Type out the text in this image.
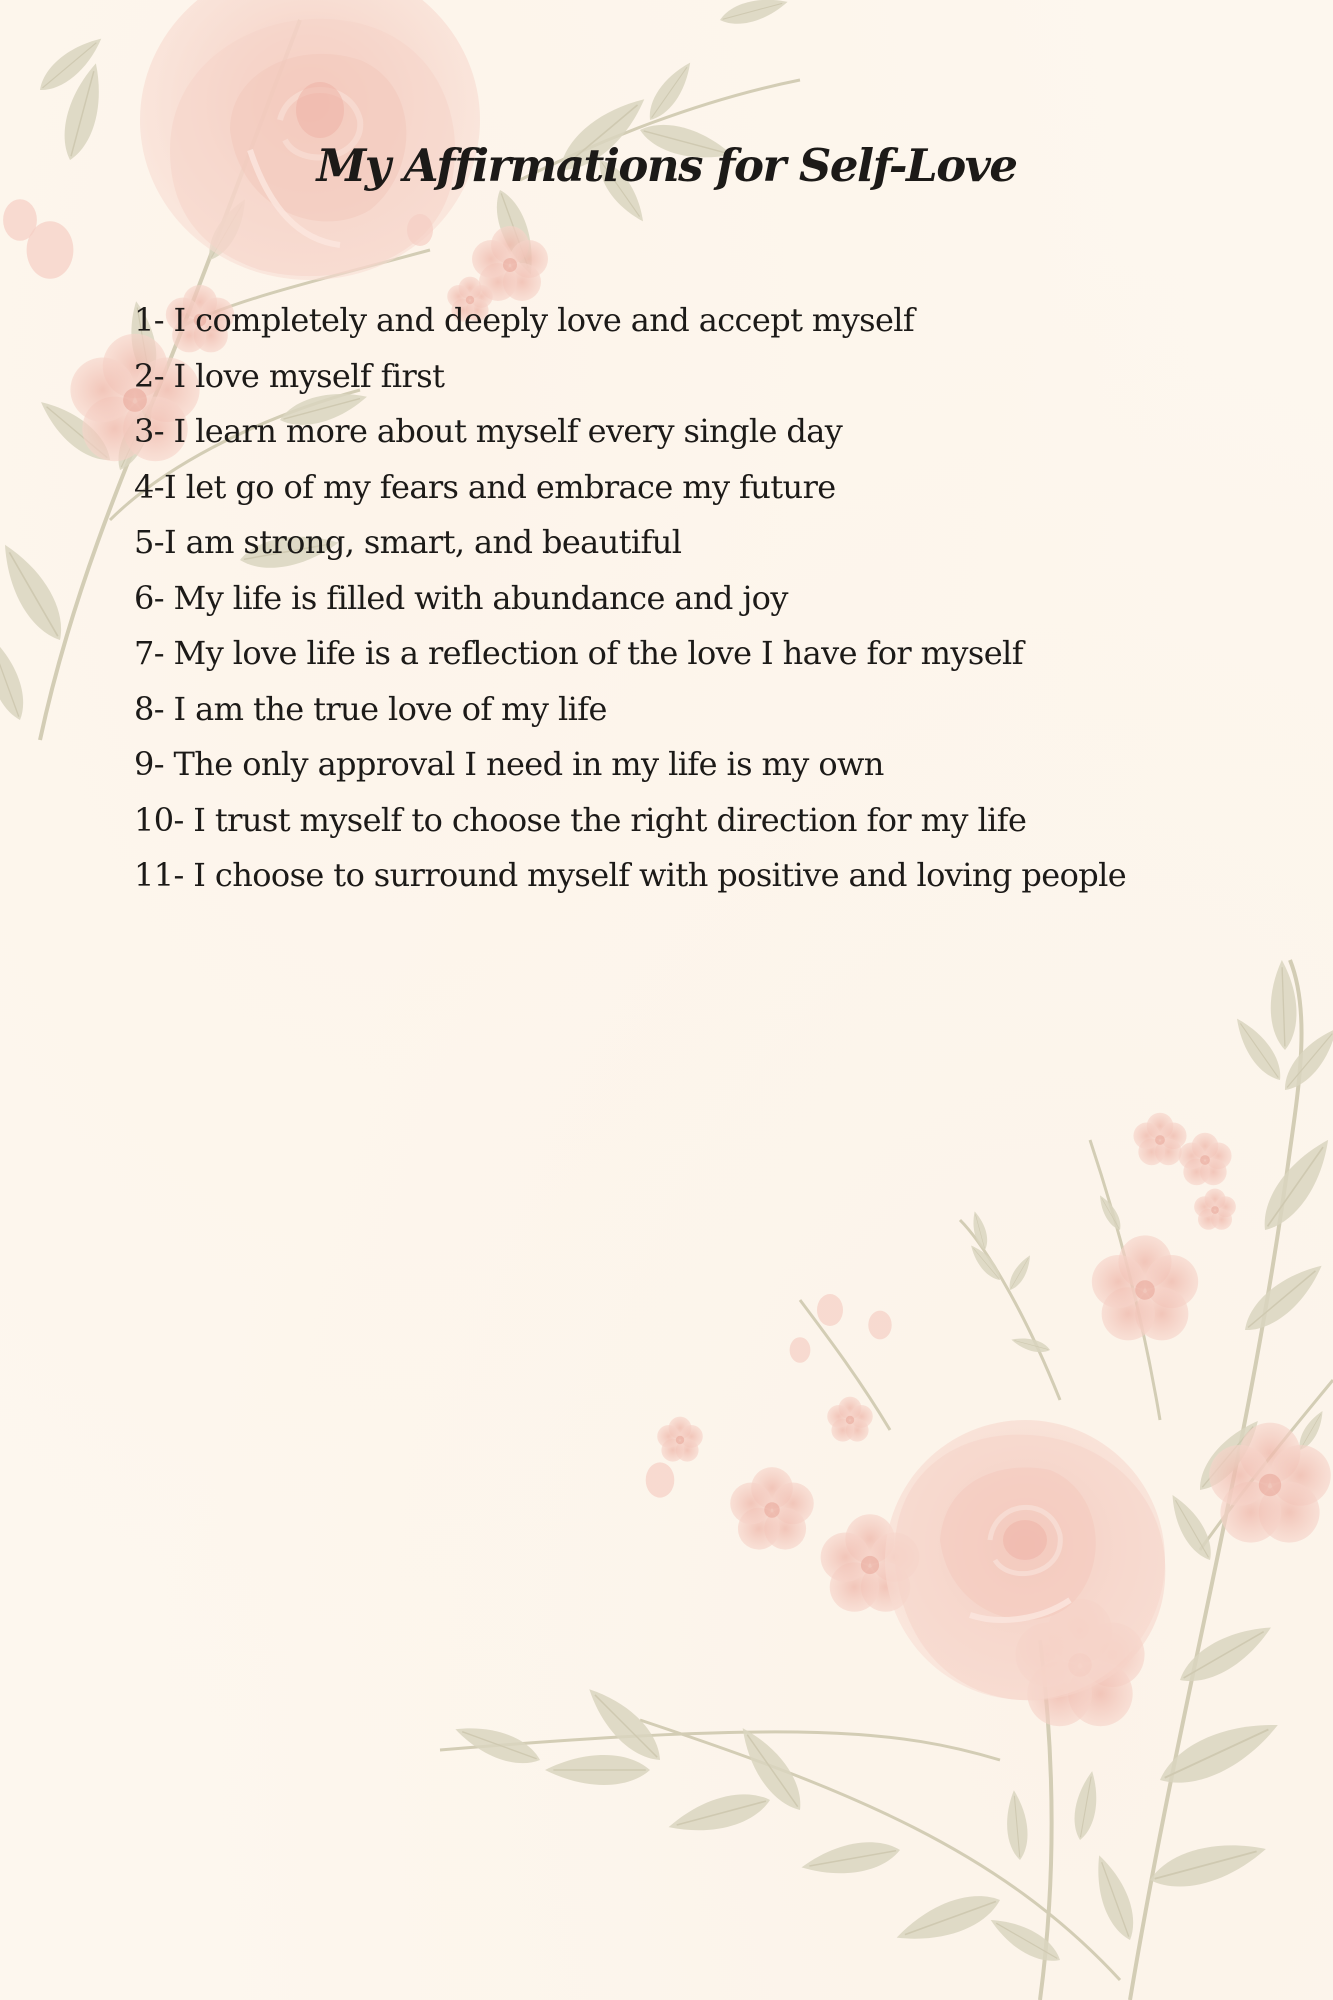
My Affirmations for Self-Love
1- I completely and deeply love and accept myself
2- I love myself first
3- I learn more about myself every single day
4-I let go of my fears and embrace my future
5-I am strong, smart, and beautiful
6- My life is filled with abundance and joy
7- My love life is a reflection of the love I have for myself
8- I am the true love of my life
9- The only approval I need in my life is my own
10- I trust myself to choose the right direction for my life
11- I choose to surround myself with positive and loving people
